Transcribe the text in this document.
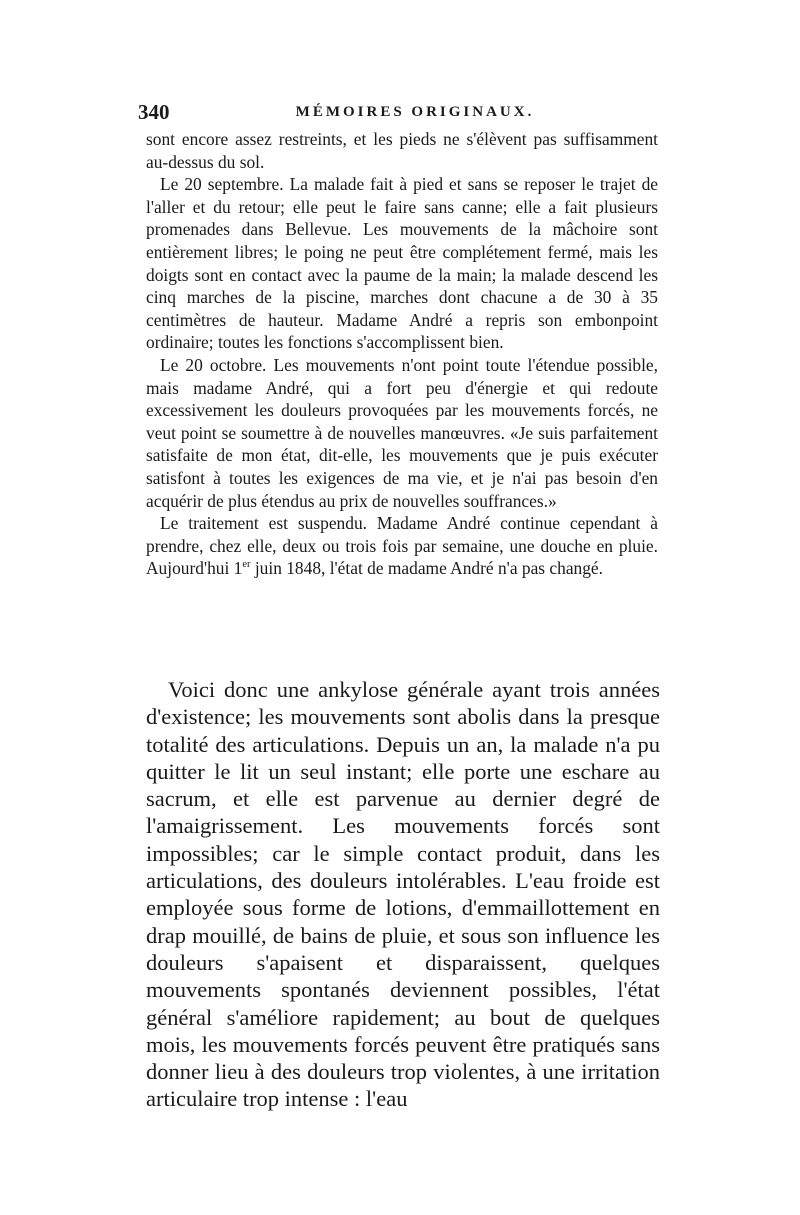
340	MÉMOIRES ORIGINAUX.

sont encore assez restreints, et les pieds ne s'élèvent pas suffisamment au-dessus du sol.

Le 20 septembre. La malade fait à pied et sans se reposer le trajet de l'aller et du retour; elle peut le faire sans canne; elle a fait plusieurs promenades dans Bellevue. Les mouvements de la mâchoire sont entièrement libres; le poing ne peut être complétement fermé, mais les doigts sont en contact avec la paume de la main; la malade descend les cinq marches de la piscine, marches dont chacune a de 30 à 35 centimètres de hauteur. Madame André a repris son embonpoint ordinaire; toutes les fonctions s'accomplissent bien.

Le 20 octobre. Les mouvements n'ont point toute l'étendue possible, mais madame André, qui a fort peu d'énergie et qui redoute excessivement les douleurs provoquées par les mouvements forcés, ne veut point se soumettre à de nouvelles manœuvres. «Je suis parfaitement satisfaite de mon état, dit-elle, les mouvements que je puis exécuter satisfont à toutes les exigences de ma vie, et je n'ai pas besoin d'en acquérir de plus étendus au prix de nouvelles souffrances.»

Le traitement est suspendu. Madame André continue cependant à prendre, chez elle, deux ou trois fois par semaine, une douche en pluie. Aujourd'hui 1er juin 1848, l'état de madame André n'a pas changé.

Voici donc une ankylose générale ayant trois années d'existence; les mouvements sont abolis dans la presque totalité des articulations. Depuis un an, la malade n'a pu quitter le lit un seul instant; elle porte une eschare au sacrum, et elle est parvenue au dernier degré de l'amaigrissement. Les mouvements forcés sont impossibles; car le simple contact produit, dans les articulations, des douleurs intolérables. L'eau froide est employée sous forme de lotions, d'emmaillottement en drap mouillé, de bains de pluie, et sous son influence les douleurs s'apaisent et disparaissent, quelques mouvements spontanés deviennent possibles, l'état général s'améliore rapidement; au bout de quelques mois, les mouvements forcés peuvent être pratiqués sans donner lieu à des douleurs trop violentes, à une irritation articulaire trop intense : l'eau
